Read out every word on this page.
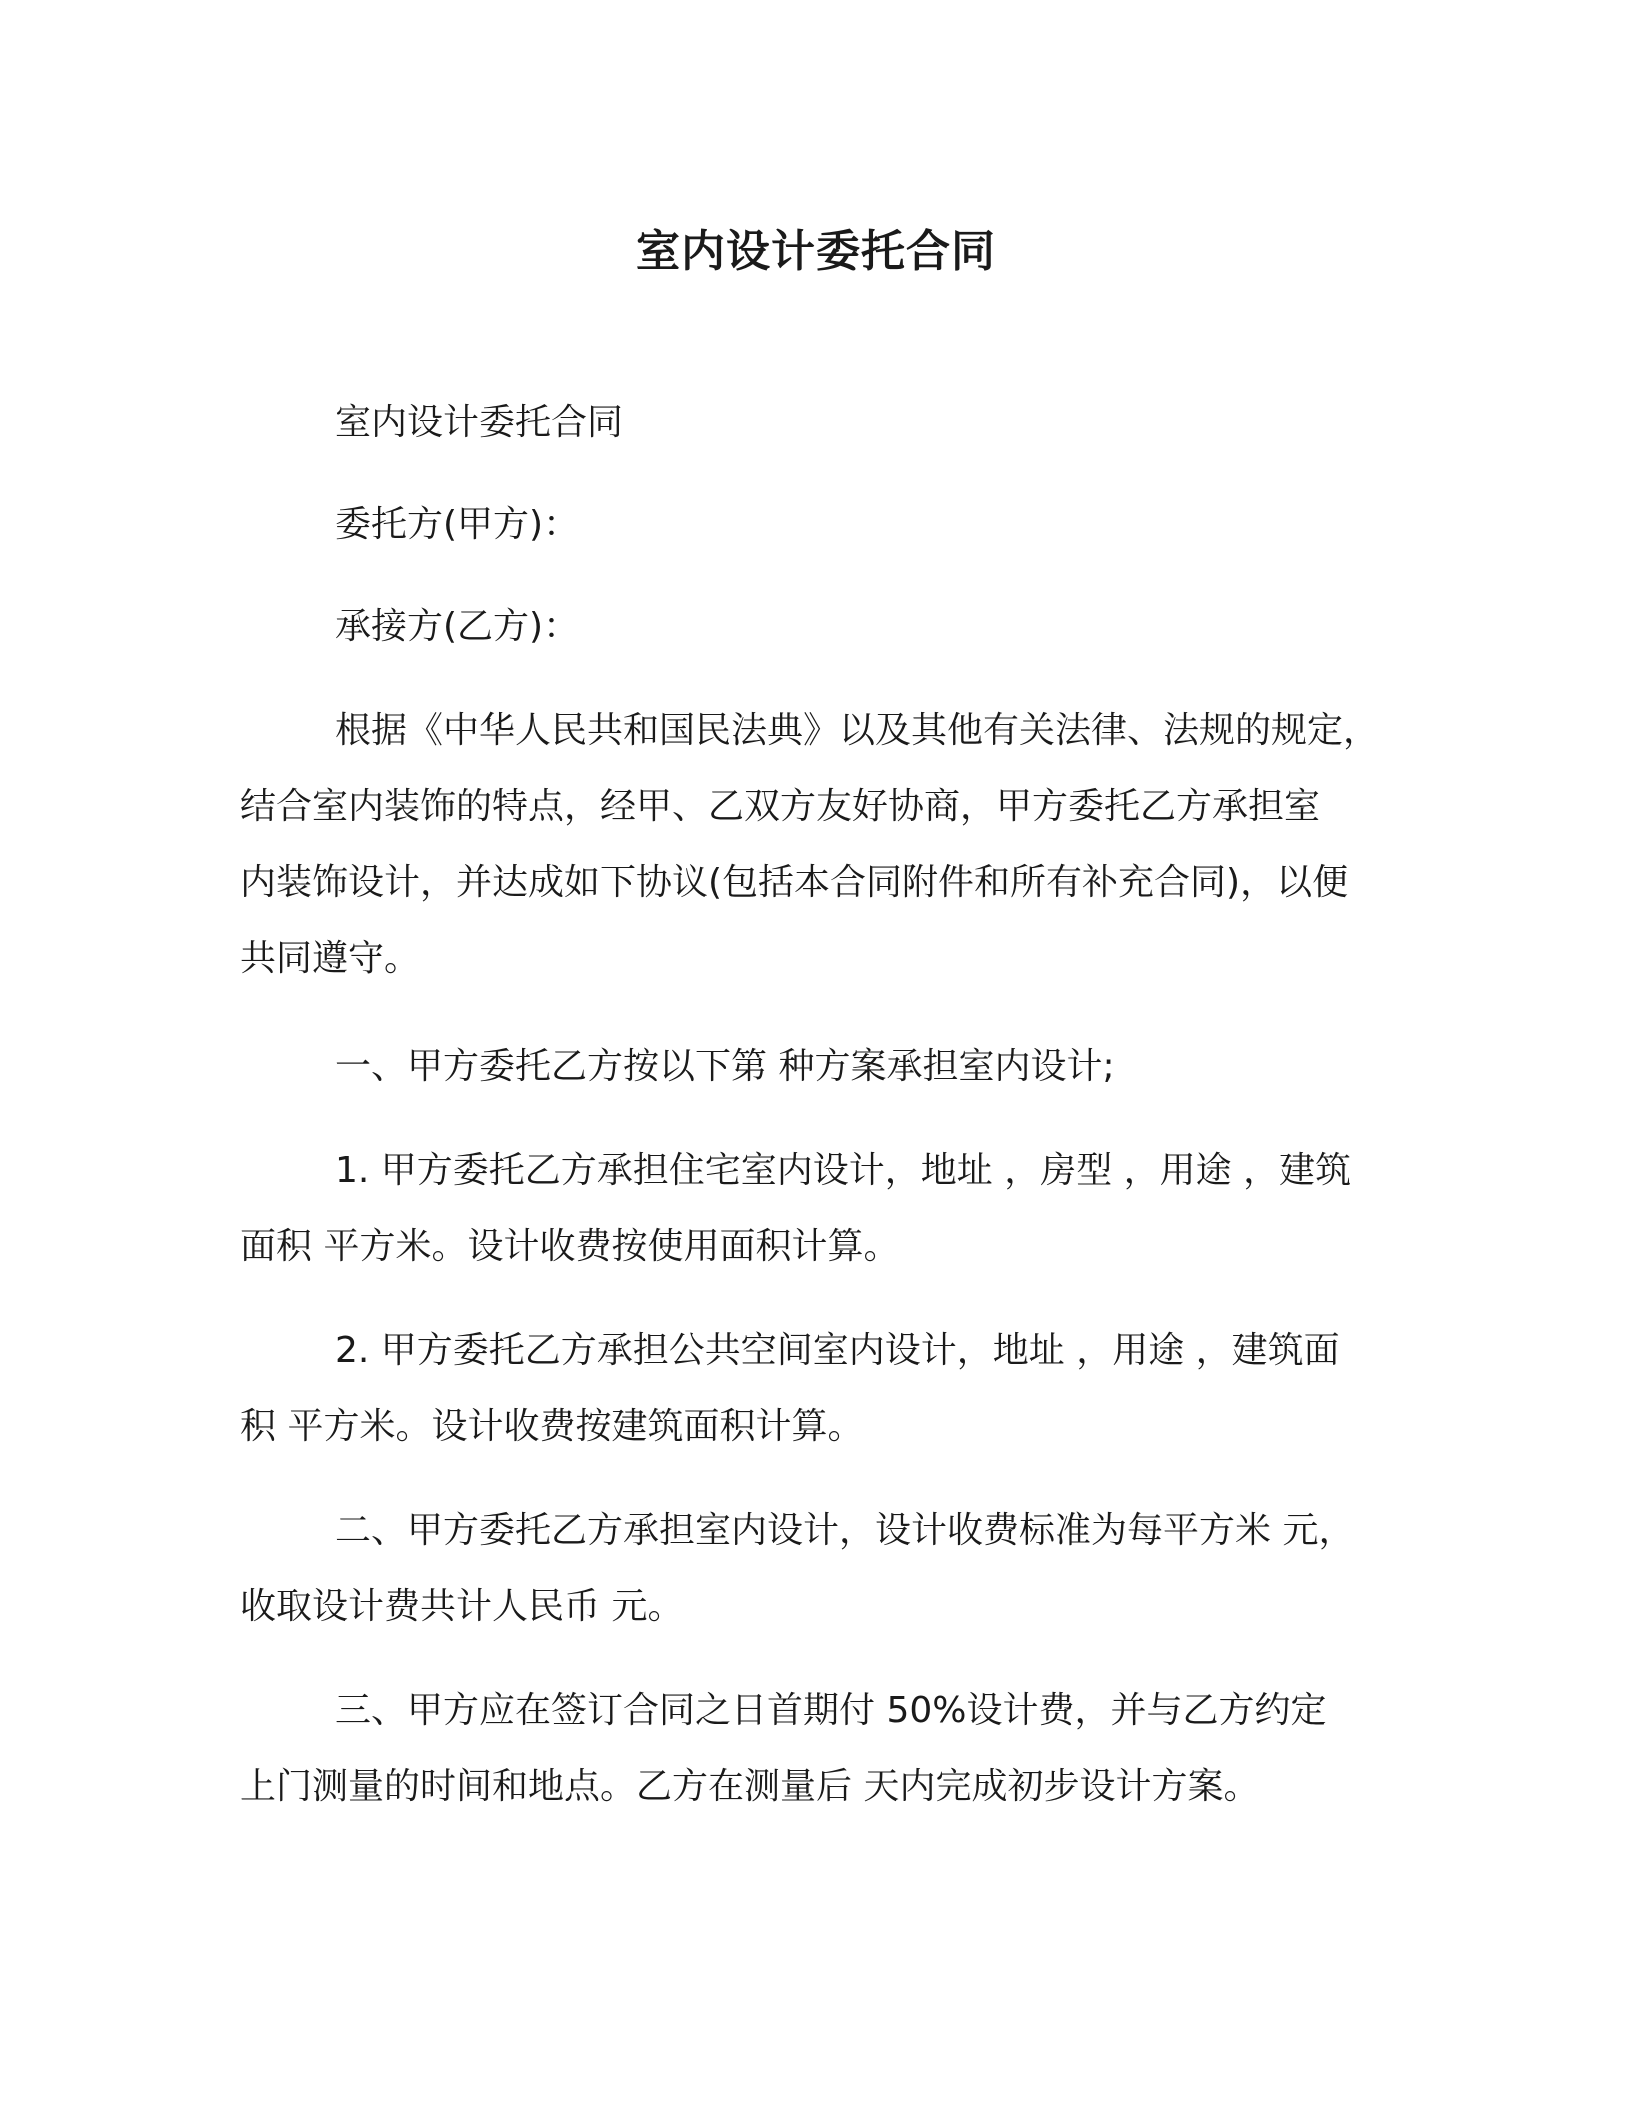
室内设计委托合同
室内设计委托合同
委托方(甲方)：
承接方(乙方)：
根据《中华人民共和国民法典》以及其他有关法律、法规的规定，
结合室内装饰的特点，经甲、乙双方友好协商，甲方委托乙方承担室
内装饰设计，并达成如下协议(包括本合同附件和所有补充合同)，以便
共同遵守。
一、甲方委托乙方按以下第 种方案承担室内设计;
1. 甲方委托乙方承担住宅室内设计，地址 ，房型 ，用途 ，建筑
面积 平方米。设计收费按使用面积计算。
2. 甲方委托乙方承担公共空间室内设计，地址 ，用途 ，建筑面
积 平方米。设计收费按建筑面积计算。
二、甲方委托乙方承担室内设计，设计收费标准为每平方米 元，
收取设计费共计人民币 元。
三、甲方应在签订合同之日首期付 50%设计费，并与乙方约定
上门测量的时间和地点。乙方在测量后 天内完成初步设计方案。
